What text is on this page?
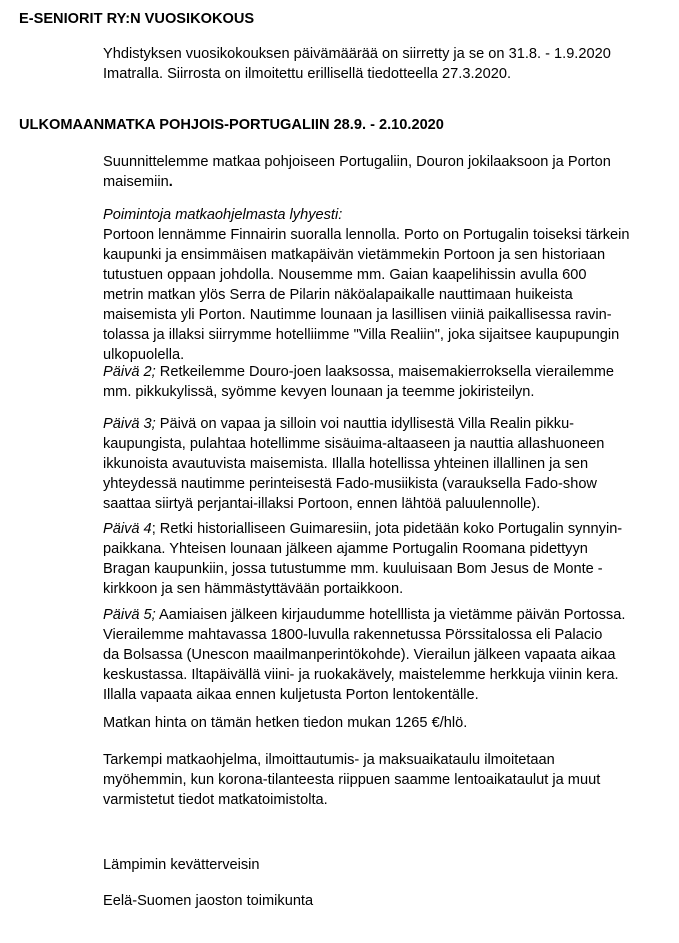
E-SENIORIT RY:N VUOSIKOKOUS

Yhdistyksen vuosikokouksen päivämäärää on siirretty ja se on 31.8. - 1.9.2020
Imatralla. Siirrosta on ilmoitettu erillisellä tiedotteella 27.3.2020.

ULKOMAANMATKA POHJOIS-PORTUGALIIN 28.9. - 2.10.2020

Suunnittelemme matkaa pohjoiseen Portugaliin, Douron jokilaaksoon ja Porton
maisemiin.
Poimintoja matkaohjelmasta lyhyesti:
Portoon lennämme Finnairin suoralla lennolla. Porto on Portugalin toiseksi tärkein
kaupunki ja ensimmäisen matkapäivän vietämmekin Portoon ja sen historiaan
tutustuen oppaan johdolla. Nousemme mm. Gaian kaapelihissin avulla 600
metrin matkan ylös Serra de Pilarin näköalapaikalle nauttimaan huikeista
maisemista yli Porton. Nautimme lounaan ja lasillisen viiniä paikallisessa ravin-
tolassa ja illaksi siirrymme hotelliimme "Villa Realiin", joka sijaitsee kaupupungin
ulkopuolella.
Päivä 2; Retkeilemme Douro-joen laaksossa, maisemakierroksella vierailemme
mm. pikkukylissä, syömme kevyen lounaan ja teemme jokiristeilyn.
Päivä 3; Päivä on vapaa ja silloin voi nauttia idyllisestä Villa Realin pikku-
kaupungista, pulahtaa hotellimme sisäuima-altaaseen ja nauttia allashuoneen
ikkunoista avautuvista maisemista. Illalla hotellissa yhteinen illallinen ja sen
yhteydessä nautimme perinteisestä Fado-musiikista (varauksella Fado-show
saattaa siirtyä perjantai-illaksi Portoon, ennen lähtöä paluulennolle).
Päivä 4; Retki historialliseen Guimaresiin, jota pidetään koko Portugalin synnyin-
paikkana. Yhteisen lounaan jälkeen ajamme Portugalin Roomana pidettyyn
Bragan kaupunkiin, jossa tutustumme mm. kuuluisaan Bom Jesus de Monte -
kirkkoon ja sen hämmästyttävään portaikkoon.
Päivä 5; Aamiaisen jälkeen kirjaudumme hotelllista ja vietämme päivän Portossa.
Vierailemme mahtavassa 1800-luvulla rakennetussa Pörssitalossa eli Palacio
da Bolsassa (Unescon maailmanperintökohde). Vierailun jälkeen vapaata aikaa
keskustassa. Iltapäivällä viini- ja ruokakävely, maistelemme herkkuja viinin kera.
Illalla vapaata aikaa ennen kuljetusta Porton lentokentälle.

Matkan hinta on tämän hetken tiedon mukan 1265 €/hlö.

Tarkempi matkaohjelma, ilmoittautumis- ja maksuaikataulu ilmoitetaan
myöhemmin, kun korona-tilanteesta riippuen saamme lentoaikataulut ja muut
varmistetut tiedot matkatoimistolta.

Lämpimin kevätterveisin

Eelä-Suomen jaoston toimikunta
